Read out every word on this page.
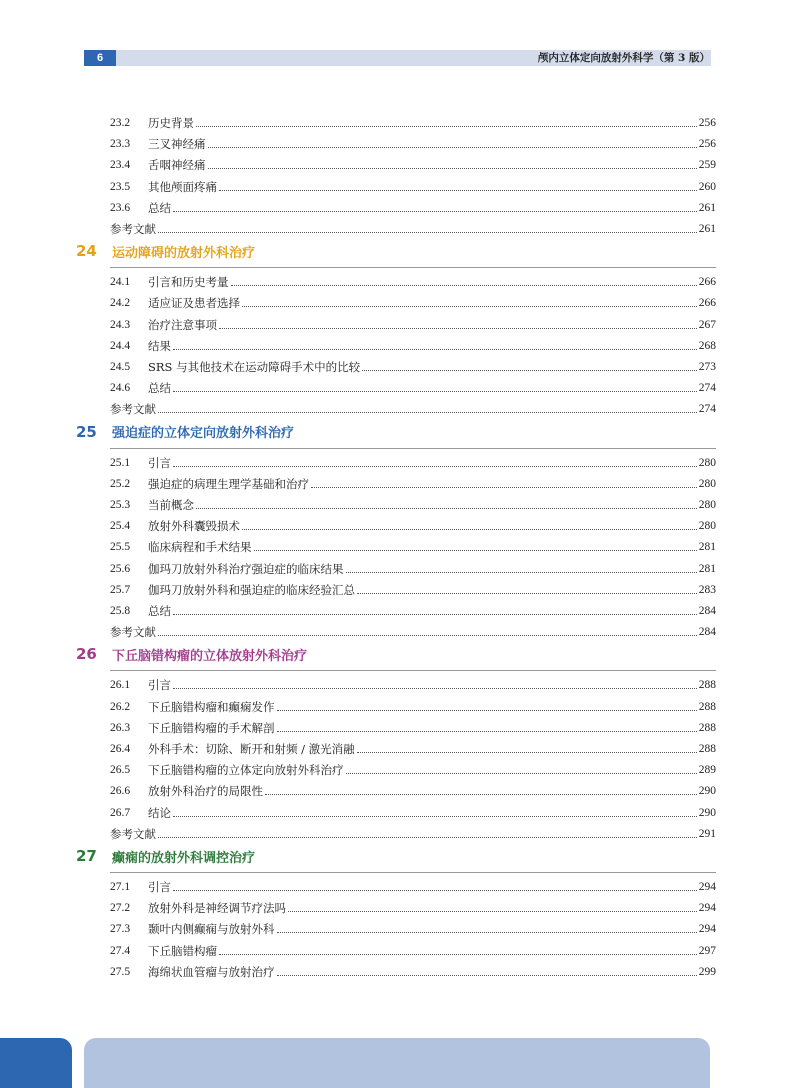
6	颅内立体定向放射外科学（第 3 版）
23.2	历史背景	256
23.3	三叉神经痛	256
23.4	舌咽神经痛	259
23.5	其他颅面疼痛	260
23.6	总结	261
参考文献	261
24	运动障碍的放射外科治疗
24.1	引言和历史考量	266
24.2	适应证及患者选择	266
24.3	治疗注意事项	267
24.4	结果	268
24.5	SRS 与其他技术在运动障碍手术中的比较	273
24.6	总结	274
参考文献	274
25	强迫症的立体定向放射外科治疗
25.1	引言	280
25.2	强迫症的病理生理学基础和治疗	280
25.3	当前概念	280
25.4	放射外科囊毁损术	280
25.5	临床病程和手术结果	281
25.6	伽玛刀放射外科治疗强迫症的临床结果	281
25.7	伽玛刀放射外科和强迫症的临床经验汇总	283
25.8	总结	284
参考文献	284
26	下丘脑错构瘤的立体放射外科治疗
26.1	引言	288
26.2	下丘脑错构瘤和癫痫发作	288
26.3	下丘脑错构瘤的手术解剖	288
26.4	外科手术：切除、断开和射频 / 激光消融	288
26.5	下丘脑错构瘤的立体定向放射外科治疗	289
26.6	放射外科治疗的局限性	290
26.7	结论	290
参考文献	291
27	癫痫的放射外科调控治疗
27.1	引言	294
27.2	放射外科是神经调节疗法吗	294
27.3	颞叶内侧癫痫与放射外科	294
27.4	下丘脑错构瘤	297
27.5	海绵状血管瘤与放射治疗	299
